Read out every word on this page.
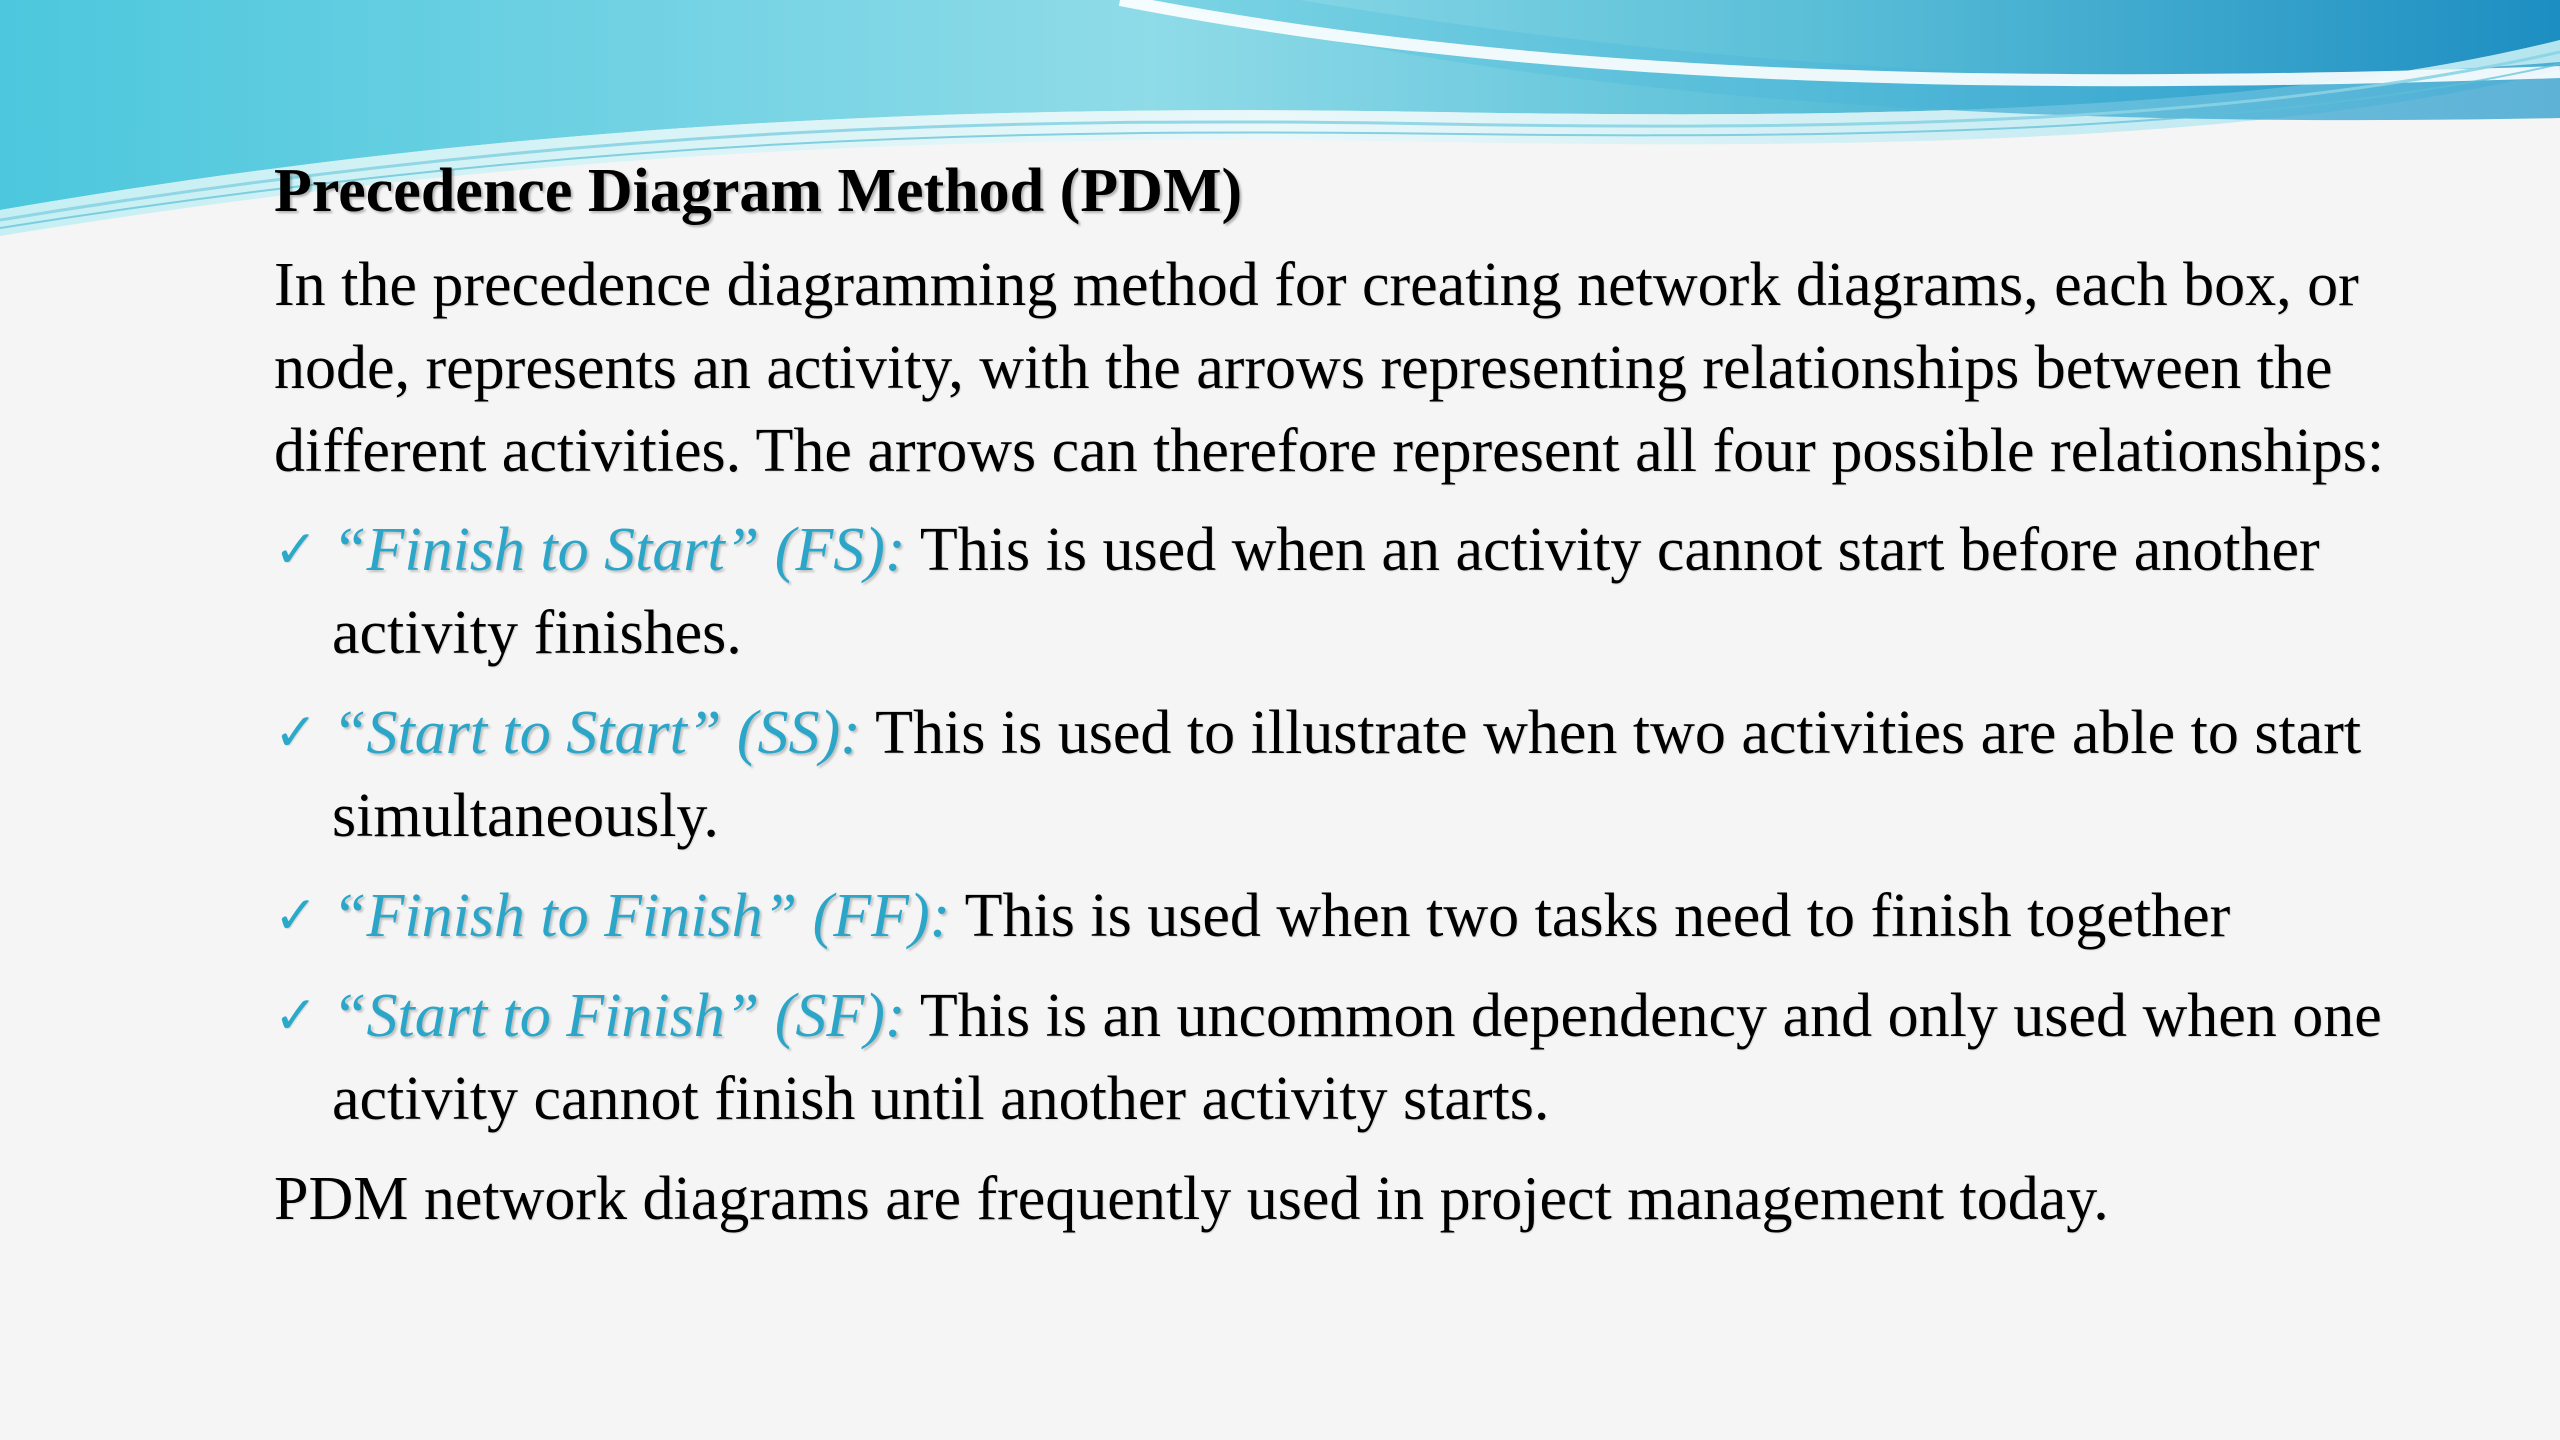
Precedence Diagram Method (PDM)

In the precedence diagramming method for creating network diagrams, each box, or node, represents an activity, with the arrows representing relationships between the different activities. The arrows can therefore represent all four possible relationships:

✓ “Finish to Start” (FS): This is used when an activity cannot start before another activity finishes.
✓ “Start to Start” (SS): This is used to illustrate when two activities are able to start simultaneously.
✓ “Finish to Finish” (FF): This is used when two tasks need to finish together
✓ “Start to Finish” (SF): This is an uncommon dependency and only used when one activity cannot finish until another activity starts.

PDM network diagrams are frequently used in project management today.
